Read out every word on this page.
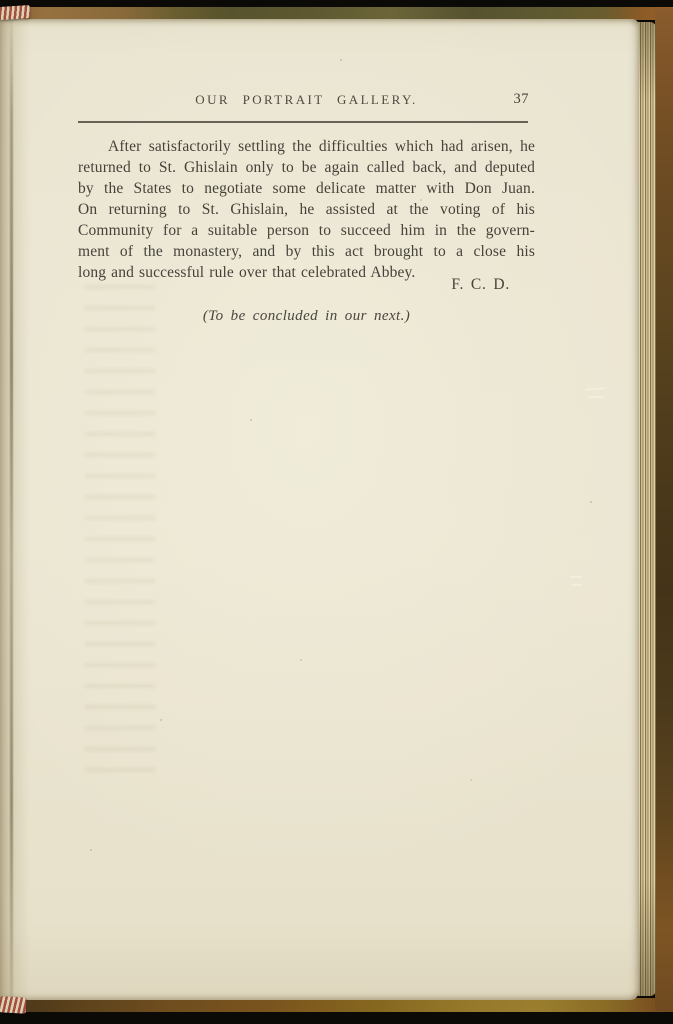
OUR PORTRAIT GALLERY.	37
After satisfactorily settling the difficulties which had arisen, he
returned to St. Ghislain only to be again called back, and deputed
by the States to negotiate some delicate matter with Don Juan.
On returning to St. Ghislain, he assisted at the voting of his
Community for a suitable person to succeed him in the govern-
ment of the monastery, and by this act brought to a close his
long and successful rule over that celebrated Abbey.
F. C. D.
(To be concluded in our next.)
